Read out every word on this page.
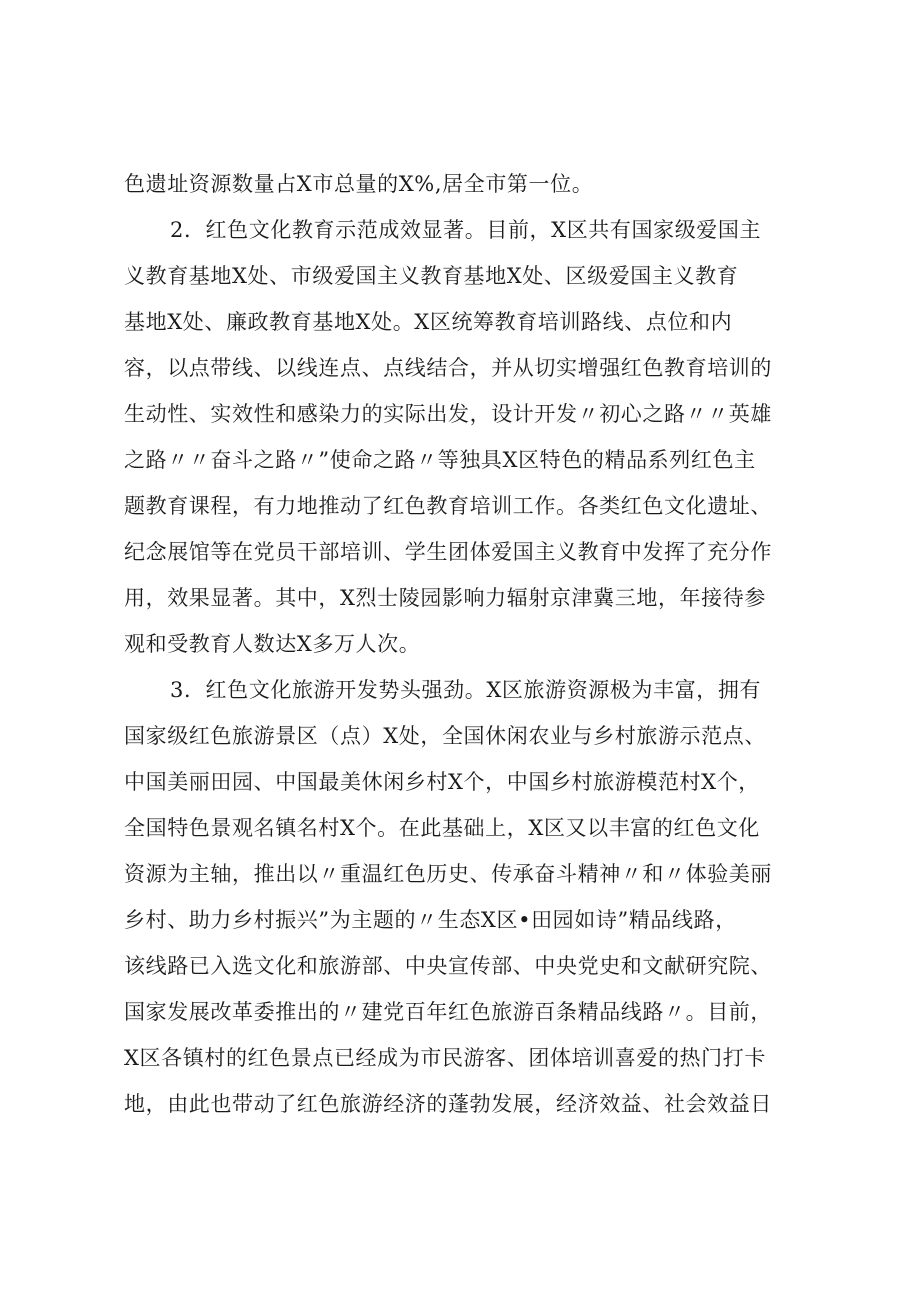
色遗址资源数量占X市总量的X%,居全市第一位。
2．红色文化教育示范成效显著。目前，X区共有国家级爱国主
义教育基地X处、市级爱国主义教育基地X处、区级爱国主义教育
基地X处、廉政教育基地X处。X区统筹教育培训路线、点位和内
容，以点带线、以线连点、点线结合，并从切实增强红色教育培训的
生动性、实效性和感染力的实际出发，设计开发〃初心之路〃〃英雄
之路〃〃奋斗之路〃”使命之路〃等独具X区特色的精品系列红色主
题教育课程，有力地推动了红色教育培训工作。各类红色文化遗址、
纪念展馆等在党员干部培训、学生团体爱国主义教育中发挥了充分作
用，效果显著。其中，X烈士陵园影响力辐射京津冀三地，年接待参
观和受教育人数达X多万人次。
3．红色文化旅游开发势头强劲。X区旅游资源极为丰富，拥有
国家级红色旅游景区（点）X处，全国休闲农业与乡村旅游示范点、
中国美丽田园、中国最美休闲乡村X个，中国乡村旅游模范村X个，
全国特色景观名镇名村X个。在此基础上，X区又以丰富的红色文化
资源为主轴，推出以〃重温红色历史、传承奋斗精神〃和〃体验美丽
乡村、助力乡村振兴”为主题的〃生态X区•田园如诗”精品线路，
该线路已入选文化和旅游部、中央宣传部、中央党史和文献研究院、
国家发展改革委推出的〃建党百年红色旅游百条精品线路〃。目前，
X区各镇村的红色景点已经成为市民游客、团体培训喜爱的热门打卡
地，由此也带动了红色旅游经济的蓬勃发展，经济效益、社会效益日
